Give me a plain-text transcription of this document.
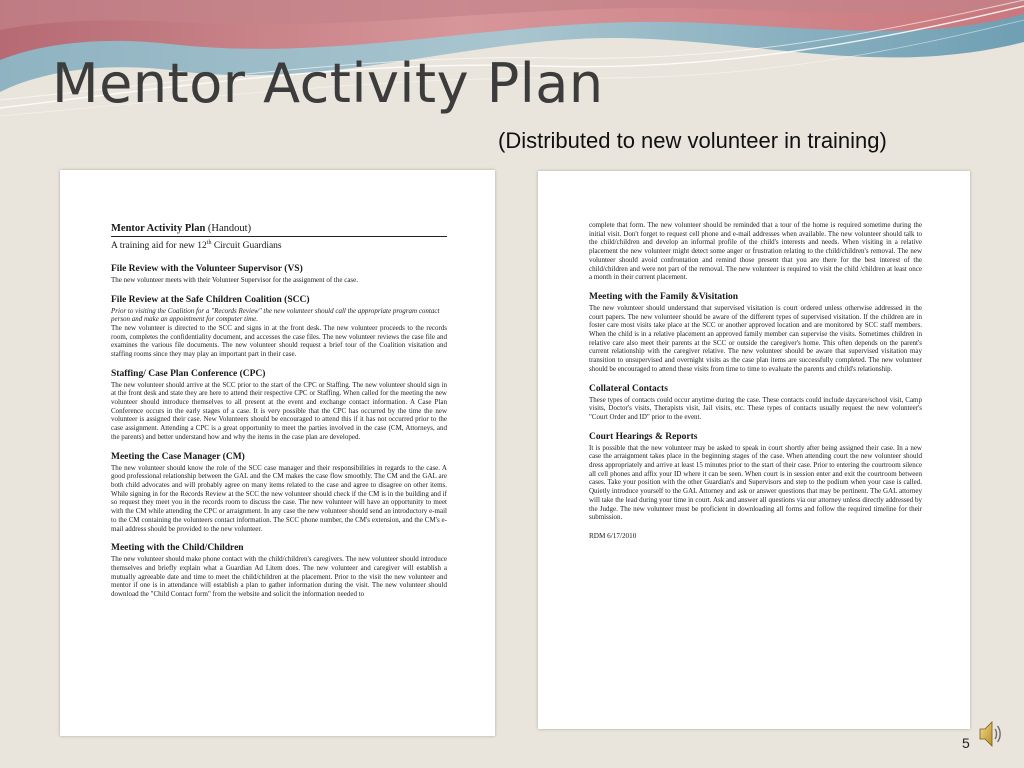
Mentor Activity Plan
(Distributed to new volunteer in training)
Mentor Activity Plan (Handout)
A training aid for new 12th Circuit Guardians
File Review with the Volunteer Supervisor (VS)
The new volunteer meets with their Volunteer Supervisor for the assignment of the case.
File Review at the Safe Children Coalition (SCC)
Prior to visiting the Coalition for a "Records Review" the new volunteer should call the appropriate program contact person and make an appointment for computer time.
The new volunteer is directed to the SCC and signs in at the front desk. The new volunteer proceeds to the records room, completes the confidentiality document, and accesses the case files. The new volunteer reviews the case file and examines the various file documents. The new volunteer should request a brief tour of the Coalition visitation and staffing rooms since they may play an important part in their case.
Staffing/ Case Plan Conference (CPC)
The new volunteer should arrive at the SCC prior to the start of the CPC or Staffing. The new volunteer should sign in at the front desk and state they are here to attend their respective CPC or Staffing. When called for the meeting the new volunteer should introduce themselves to all present at the event and exchange contact information. A Case Plan Conference occurs in the early stages of a case. It is very possible that the CPC has occurred by the time the new volunteer is assigned their case. New Volunteers should be encouraged to attend this if it has not occurred prior to the case assignment. Attending a CPC is a great opportunity to meet the parties involved in the case (CM, Attorneys, and the parents) and better understand how and why the items in the case plan are developed.
Meeting the Case Manager (CM)
The new volunteer should know the role of the SCC case manager and their responsibilities in regards to the case. A good professional relationship between the GAL and the CM makes the case flow smoothly. The CM and the GAL are both child advocates and will probably agree on many items related to the case and agree to disagree on other items. While signing in for the Records Review at the SCC the new volunteer should check if the CM is in the building and if so request they meet you in the records room to discuss the case. The new volunteer will have an opportunity to meet with the CM while attending the CPC or arraignment. In any case the new volunteer should send an introductory e-mail to the CM containing the volunteers contact information. The SCC phone number, the CM's extension, and the CM's e-mail address should be provided to the new volunteer.
Meeting with the Child/Children
The new volunteer should make phone contact with the child/children's caregivers. The new volunteer should introduce themselves and briefly explain what a Guardian Ad Litem does. The new volunteer and caregiver will establish a mutually agreeable date and time to meet the child/children at the placement. Prior to the visit the new volunteer and mentor if one is in attendance will establish a plan to gather information during the visit. The new volunteer should download the "Child Contact form" from the website and solicit the information needed to
complete that form. The new volunteer should be reminded that a tour of the home is required sometime during the initial visit. Don't forget to request cell phone and e-mail addresses when available. The new volunteer should talk to the child/children and develop an informal profile of the child's interests and needs. When visiting in a relative placement the new volunteer might detect some anger or frustration relating to the child/children's removal. The new volunteer should avoid confrontation and remind those present that you are there for the best interest of the child/children and were not part of the removal. The new volunteer is required to visit the child /children at least once a month in their current placement.
Meeting with the Family &Visitation
The new volunteer should understand that supervised visitation is court ordered unless otherwise addressed in the court papers. The new volunteer should be aware of the different types of supervised visitation. If the children are in foster care most visits take place at the SCC or another approved location and are monitored by SCC staff members. When the child is in a relative placement an approved family member can supervise the visits. Sometimes children in relative care also meet their parents at the SCC or outside the caregiver's home. This often depends on the parent's current relationship with the caregiver relative. The new volunteer should be aware that supervised visitation may transition to unsupervised and overnight visits as the case plan items are successfully completed. The new volunteer should be encouraged to attend these visits from time to time to evaluate the parents and child's relationship.
Collateral Contacts
These types of contacts could occur anytime during the case. These contacts could include daycare/school visit, Camp visits, Doctor's visits, Therapists visit, Jail visits, etc. These types of contacts usually request the new volunteer's "Court Order and ID" prior to the event.
Court Hearings & Reports
It is possible that the new volunteer may be asked to speak in court shortly after being assigned their case. In a new case the arraignment takes place in the beginning stages of the case. When attending court the new volunteer should dress appropriately and arrive at least 15 minutes prior to the start of their case. Prior to entering the courtroom silence all cell phones and affix your ID where it can be seen. When court is in session enter and exit the courtroom between cases. Take your position with the other Guardian's and Supervisors and step to the podium when your case is called. Quietly introduce yourself to the GAL Attorney and ask or answer questions that may be pertinent. The GAL attorney will take the lead during your time in court. Ask and answer all questions via our attorney unless directly addressed by the Judge. The new volunteer must be proficient in downloading all forms and follow the required timeline for their submission.
RDM 6/17/2010
5
